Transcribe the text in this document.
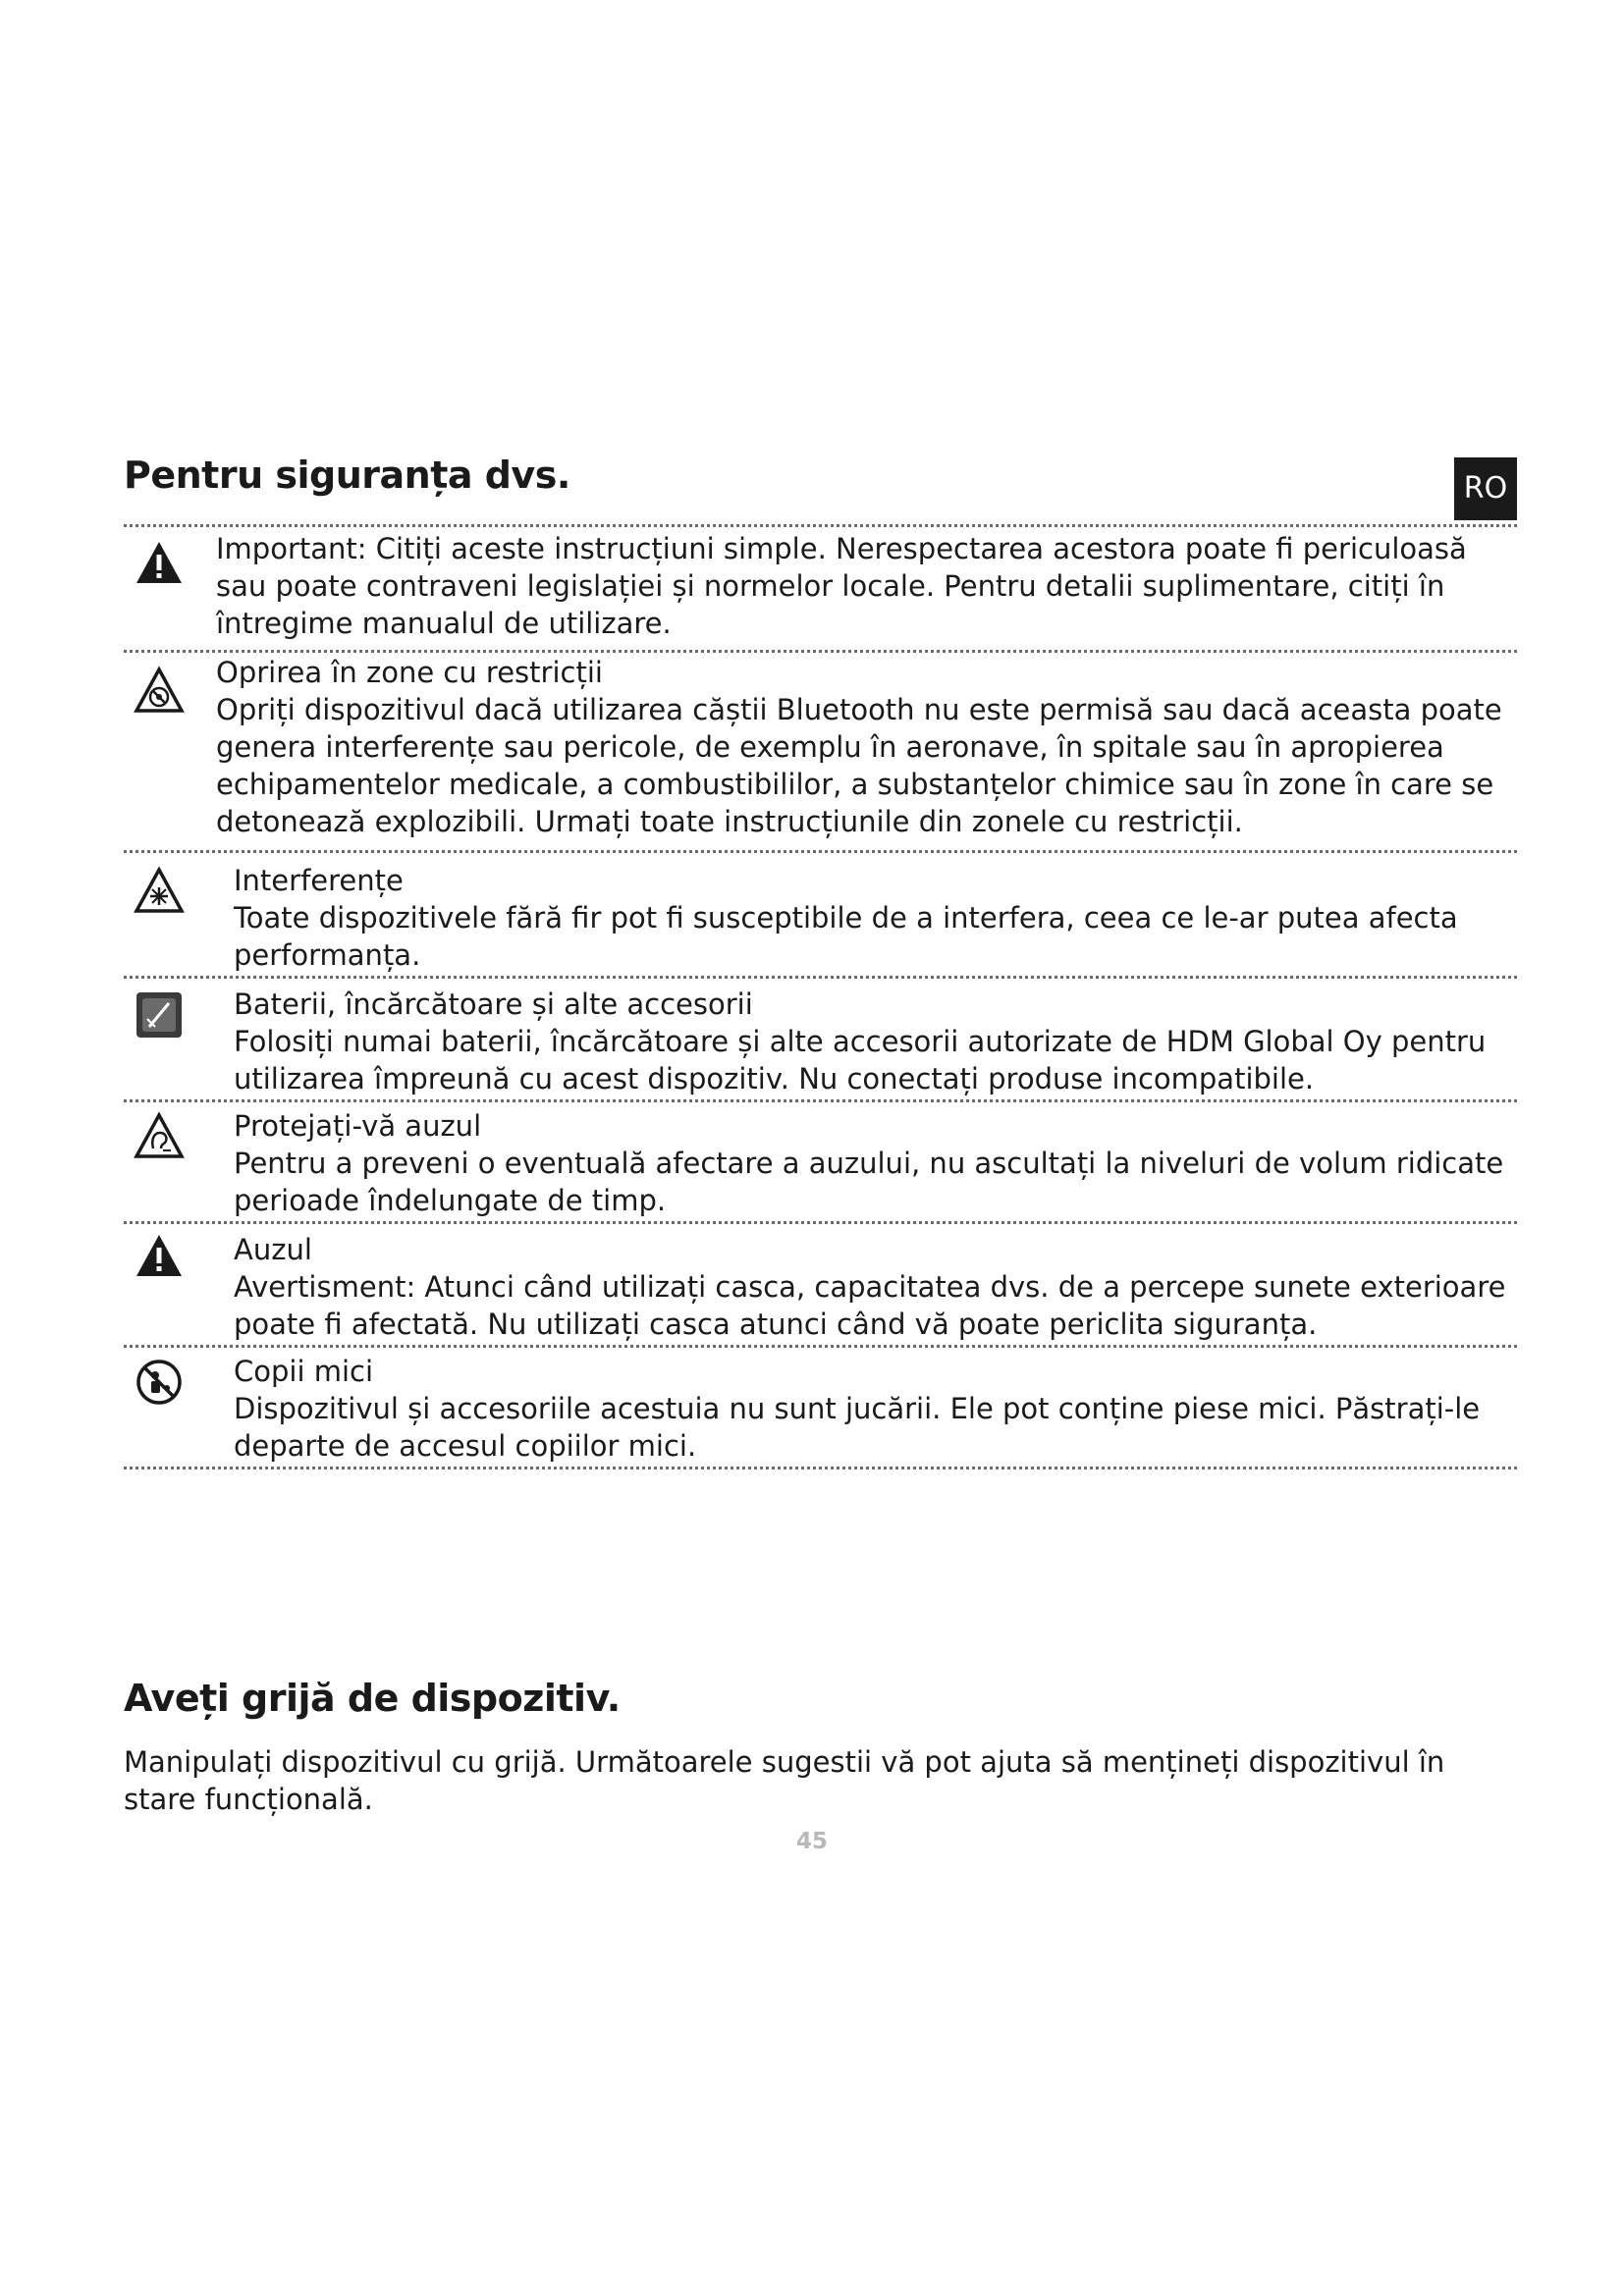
Pentru siguranța dvs.	RO
Important: Citiți aceste instrucțiuni simple. Nerespectarea acestora poate fi periculoasă sau poate contraveni legislației și normelor locale. Pentru detalii suplimentare, citiți în întregime manualul de utilizare.
Oprirea în zone cu restricții
Opriți dispozitivul dacă utilizarea căștii Bluetooth nu este permisă sau dacă aceasta poate genera interferențe sau pericole, de exemplu în aeronave, în spitale sau în apropierea echipamentelor medicale, a combustibililor, a substanțelor chimice sau în zone în care se detonează explozibili. Urmați toate instrucțiunile din zonele cu restricții.
Interferențe
Toate dispozitivele fără fir pot fi susceptibile de a interfera, ceea ce le-ar putea afecta performanța.
Baterii, încărcătoare și alte accesorii
Folosiți numai baterii, încărcătoare și alte accesorii autorizate de HDM Global Oy pentru utilizarea împreună cu acest dispozitiv. Nu conectați produse incompatibile.
Protejați-vă auzul
Pentru a preveni o eventuală afectare a auzului, nu ascultați la niveluri de volum ridicate perioade îndelungate de timp.
Auzul
Avertisment: Atunci când utilizați casca, capacitatea dvs. de a percepe sunete exterioare poate fi afectată. Nu utilizați casca atunci când vă poate periclita siguranța.
Copii mici
Dispozitivul și accesoriile acestuia nu sunt jucării. Ele pot conține piese mici. Păstrați-le departe de accesul copiilor mici.
Aveți grijă de dispozitiv.

Manipulați dispozitivul cu grijă. Următoarele sugestii vă pot ajuta să mențineți dispozitivul în stare funcțională.

45
